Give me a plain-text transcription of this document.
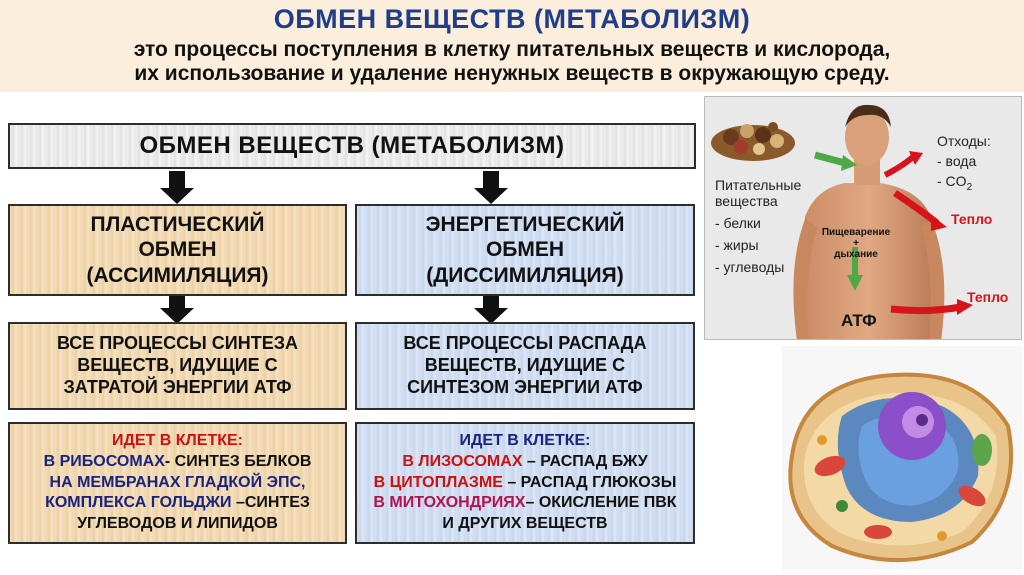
ОБМЕН ВЕЩЕСТВ (МЕТАБОЛИЗМ)
это процессы поступления в клетку питательных веществ и кислорода,
их использование и удаление ненужных веществ в окружающую среду.
ОБМЕН ВЕЩЕСТВ (МЕТАБОЛИЗМ)
ПЛАСТИЧЕСКИЙ
ОБМЕН
(АССИМИЛЯЦИЯ)
ЭНЕРГЕТИЧЕСКИЙ
ОБМЕН
(ДИССИМИЛЯЦИЯ)
ВСЕ ПРОЦЕССЫ СИНТЕЗА
ВЕЩЕСТВ, ИДУЩИЕ С
ЗАТРАТОЙ ЭНЕРГИИ АТФ
ВСЕ ПРОЦЕССЫ РАСПАДА
ВЕЩЕСТВ, ИДУЩИЕ С
СИНТЕЗОМ ЭНЕРГИИ АТФ
ИДЕТ В КЛЕТКЕ:
В РИБОСОМАХ- СИНТЕЗ БЕЛКОВ
НА МЕМБРАНАХ ГЛАДКОЙ ЭПС,
КОМПЛЕКСА ГОЛЬДЖИ –СИНТЕЗ
УГЛЕВОДОВ И ЛИПИДОВ
ИДЕТ В КЛЕТКЕ:
В ЛИЗОСОМАХ – РАСПАД БЖУ
В ЦИТОПЛАЗМЕ – РАСПАД ГЛЮКОЗЫ
В МИТОХОНДРИЯХ– ОКИСЛЕНИЕ ПВК
И ДРУГИХ ВЕЩЕСТВ
Питательные
вещества
- белки
- жиры
- углеводы
Отходы:
- вода
- $CO_2$
Тепло
Тепло
Пищеварение
+
дыхание
АТФ
